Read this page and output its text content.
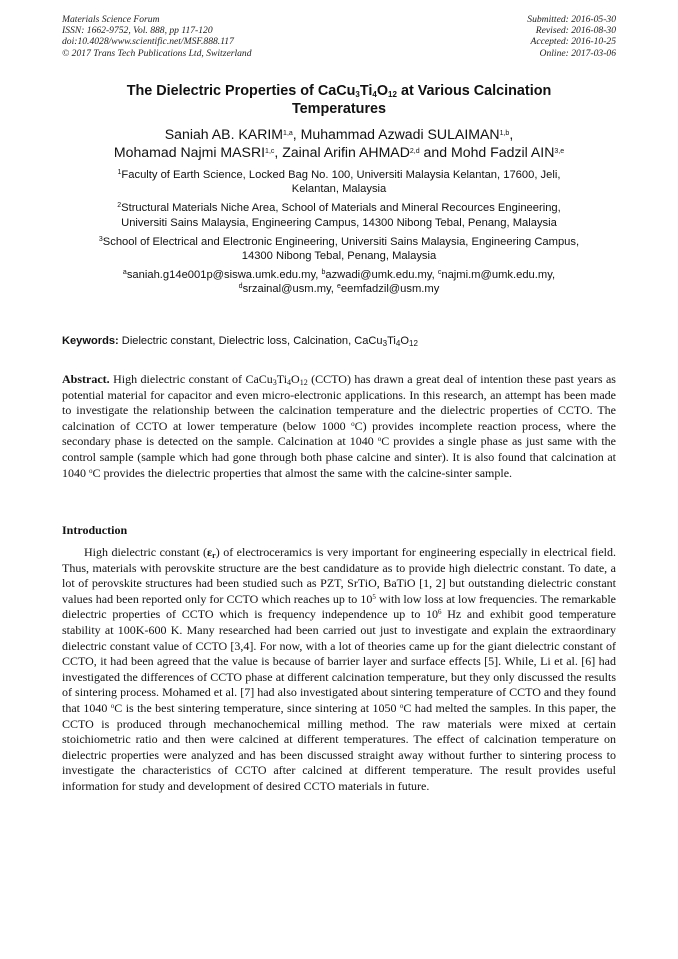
Materials Science Forum
ISSN: 1662-9752, Vol. 888, pp 117-120
doi:10.4028/www.scientific.net/MSF.888.117
© 2017 Trans Tech Publications Ltd, Switzerland
Submitted: 2016-05-30
Revised: 2016-08-30
Accepted: 2016-10-25
Online: 2017-03-06
The Dielectric Properties of $CaCu_3Ti_4O_{12}$ at Various Calcination
Temperatures
Saniah AB. KARIM$^{1,a}$, Muhammad Azwadi SULAIMAN$^{1,b}$,
Mohamad Najmi MASRI$^{1,c}$, Zainal Arifin AHMAD$^{2,d}$ and Mohd Fadzil AIN$^{3,e}$
$^1$Faculty of Earth Science, Locked Bag No. 100, Universiti Malaysia Kelantan, 17600, Jeli,
Kelantan, Malaysia
$^2$Structural Materials Niche Area, School of Materials and Mineral Recources Engineering,
Universiti Sains Malaysia, Engineering Campus, 14300 Nibong Tebal, Penang, Malaysia
$^3$School of Electrical and Electronic Engineering, Universiti Sains Malaysia, Engineering Campus,
14300 Nibong Tebal, Penang, Malaysia
$^a$saniah.g14e001p@siswa.umk.edu.my, $^b$azwadi@umk.edu.my, $^c$najmi.m@umk.edu.my,
$^d$srzainal@usm.my, $^e$eemfadzil@usm.my
Keywords: Dielectric constant, Dielectric loss, Calcination, $CaCu_3Ti_4O_{12}$
Abstract. High dielectric constant of $CaCu_3Ti_4O_{12}$ (CCTO) has drawn a great deal of intention these past years as potential material for capacitor and even micro-electronic applications. In this research, an attempt has been made to investigate the relationship between the calcination temperature and the dielectric properties of CCTO. The calcination of CCTO at lower temperature (below 1000 $^o$C) provides incomplete reaction process, where the secondary phase is detected on the sample. Calcination at 1040 $^o$C provides a single phase as just same with the control sample (sample which had gone through both phase calcine and sinter). It is also found that calcination at 1040 $^o$C provides the dielectric properties that almost the same with the calcine-sinter sample.
Introduction
High dielectric constant $(\varepsilon_r)$ of electroceramics is very important for engineering especially in electrical field. Thus, materials with perovskite structure are the best candidature as to provide high dielectric constant. To date, a lot of perovskite structures had been studied such as PZT, SrTiO, BaTiO [1, 2] but outstanding dielectric constant values had been reported only for CCTO which reaches up to $10^5$ with low loss at low frequencies. The remarkable dielectric properties of CCTO which is frequency independence up to $10^6$ Hz and exhibit good temperature stability at 100K-600 K. Many researched had been carried out just to investigate and explain the extraordinary dielectric constant value of CCTO [3,4]. For now, with a lot of theories came up for the giant dielectric constant of CCTO, it had been agreed that the value is because of barrier layer and surface effects [5]. While, Li et al. [6] had investigated the differences of CCTO phase at different calcination temperature, but they only discussed the results of sintering process. Mohamed et al. [7] had also investigated about sintering temperature of CCTO and they found that 1040 $^o$C is the best sintering temperature, since sintering at 1050 $^o$C had melted the samples. In this paper, the CCTO is produced through mechanochemical milling method. The raw materials were mixed at certain stoichiometric ratio and then were calcined at different temperatures. The effect of calcination temperature on dielectric properties were analyzed and has been discussed straight away without further to sintering process to investigate the characteristics of CCTO after calcined at different temperature. The result provides useful information for study and development of desired CCTO materials in future.
